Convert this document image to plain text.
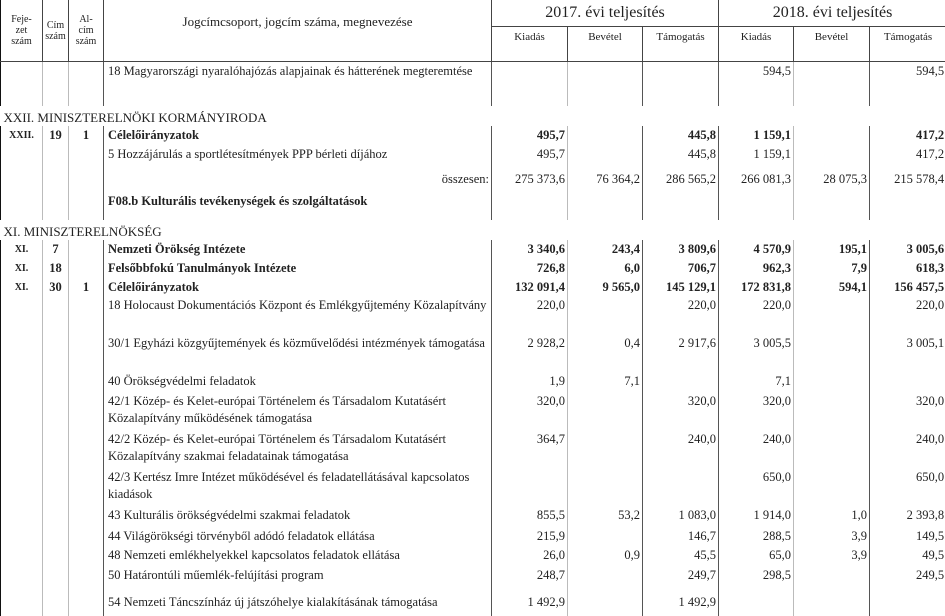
Feje-
zet
szám	Cím
szám	Al-
cím
szám	Jogcímcsoport, jogcím száma, megnevezése	2017. évi teljesítés			2018. évi teljesítés		
				Kiadás	Bevétel	Támogatás	Kiadás	Bevétel	Támogatás
			18 Magyarországi nyaralóhajózás alapjainak és hátterének megteremtése				594,5		594,5
XXII. MINISZTERELNÖKI KORMÁNYIRODA									
XXII.	19	1	Célelőirányzatok	495,7		445,8	1 159,1		417,2
			5 Hozzájárulás a sportlétesítmények PPP bérleti díjához	495,7		445,8	1 159,1		417,2
			összesen:	275 373,6	76 364,2	286 565,2	266 081,3	28 075,3	215 578,4
			F08.b Kulturális tevékenységek és szolgáltatások						
XI. MINISZTERELNÖKSÉG									
XI.	7		Nemzeti Örökség Intézete	3 340,6	243,4	3 809,6	4 570,9	195,1	3 005,6
XI.	18		Felsőbbfokú Tanulmányok Intézete	726,8	6,0	706,7	962,3	7,9	618,3
XI.	30	1	Célelőirányzatok	132 091,4	9 565,0	145 129,1	172 831,8	594,1	156 457,5
			18 Holocaust Dokumentációs Központ és Emlékgyűjtemény Közalapítvány	220,0		220,0	220,0		220,0
			30/1 Egyházi közgyűjtemények és közművelődési intézmények támogatása	2 928,2	0,4	2 917,6	3 005,5		3 005,1
			40 Örökségvédelmi feladatok	1,9	7,1		7,1		
			42/1 Közép- és Kelet-európai Történelem és Társadalom Kutatásért Közalapítvány működésének támogatása	320,0		320,0	320,0		320,0
			42/2 Közép- és Kelet-európai Történelem és Társadalom Kutatásért Közalapítvány szakmai feladatainak támogatása	364,7		240,0	240,0		240,0
			42/3 Kertész Imre Intézet működésével és feladatellátásával kapcsolatos kiadások				650,0		650,0
			43 Kulturális örökségvédelmi szakmai feladatok	855,5	53,2	1 083,0	1 914,0	1,0	2 393,8
			44 Világörökségi törvényből adódó feladatok ellátása	215,9		146,7	288,5	3,9	149,5
			48 Nemzeti emlékhelyekkel kapcsolatos feladatok ellátása	26,0	0,9	45,5	65,0	3,9	49,5
			50 Határontúli műemlék-felújítási program	248,7		249,7	298,5		249,5
			54 Nemzeti Táncszínház új játszóhelye kialakításának támogatása	1 492,9		1 492,9			
